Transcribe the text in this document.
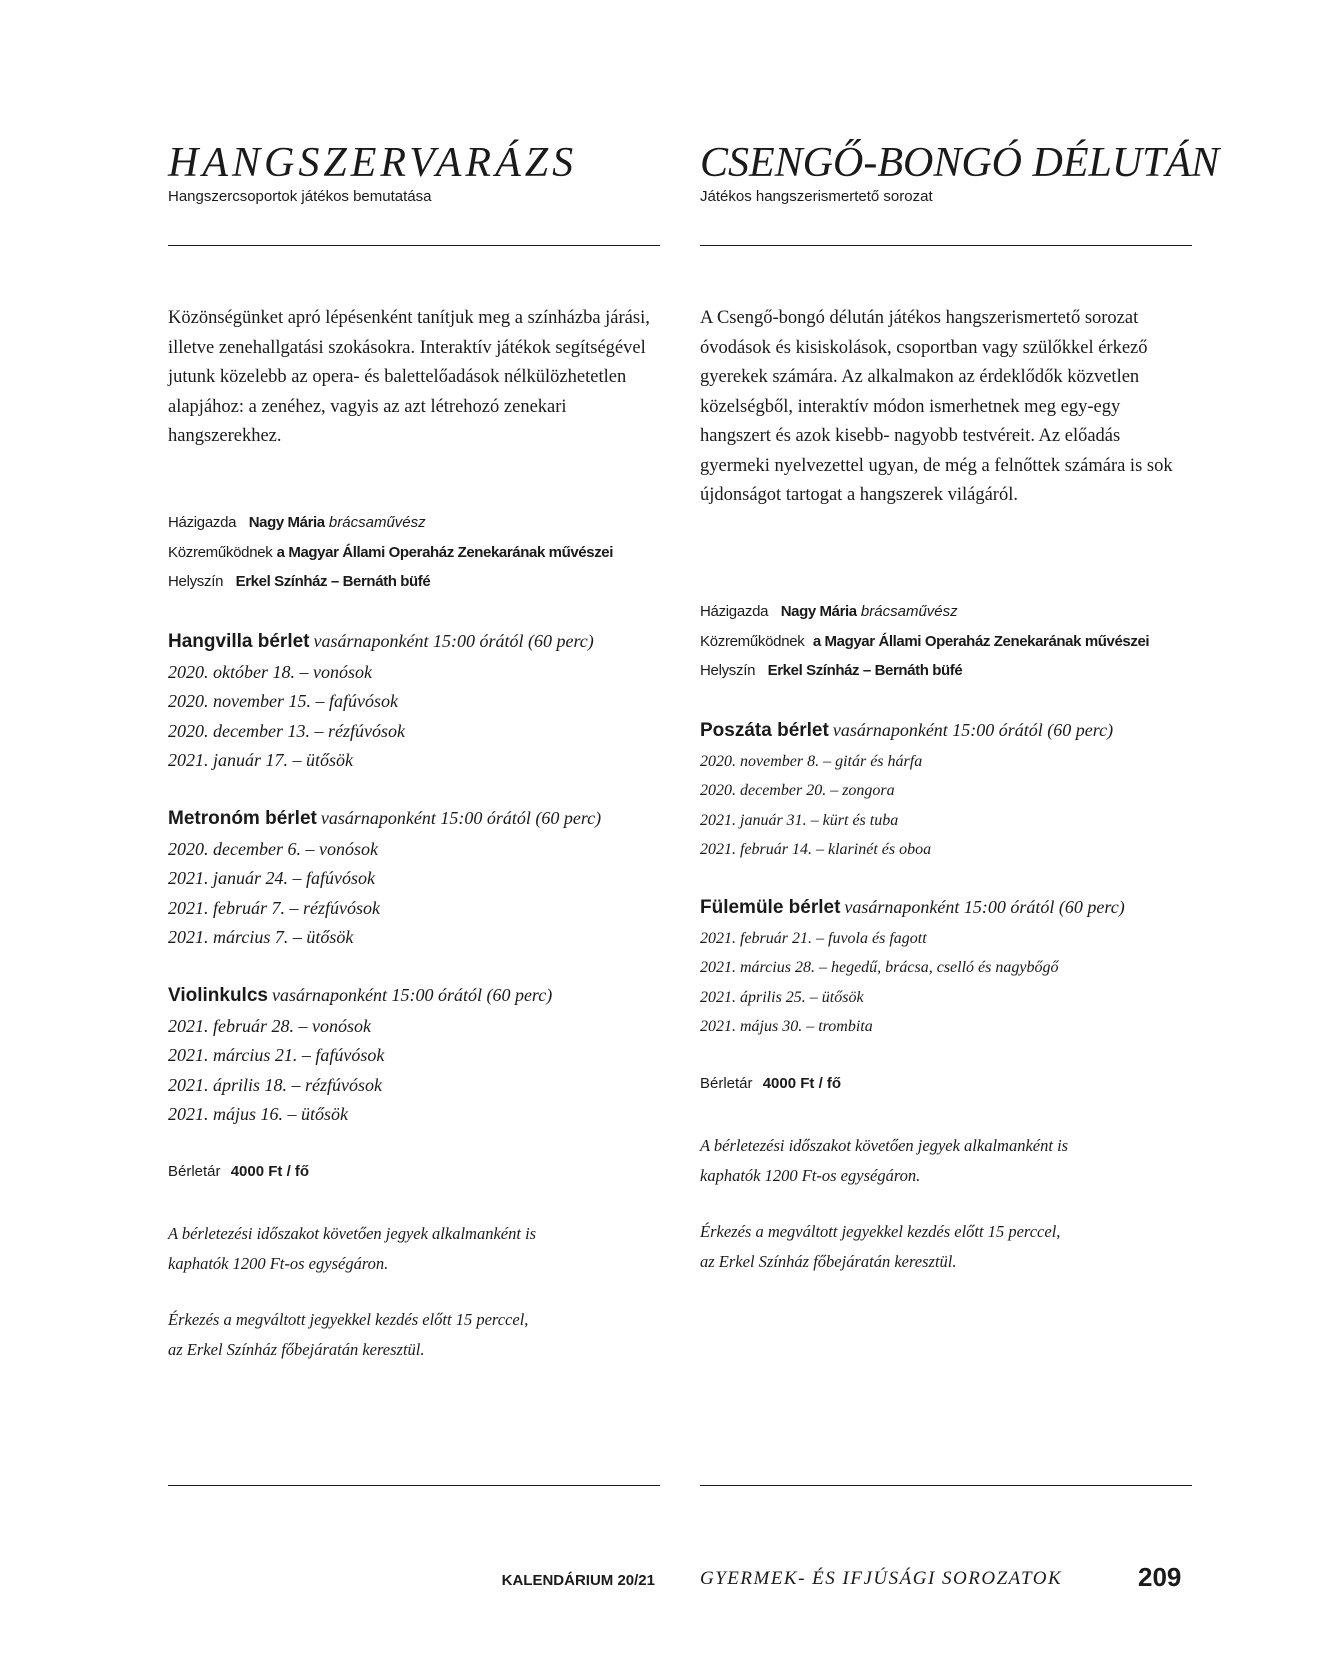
HANGSZERVARÁZS
Hangszercsoportok játékos bemutatása

Közönségünket apró lépésenként tanítjuk meg a színházba járási, illetve zenehallgatási szokásokra. Interaktív játékok segítségével jutunk közelebb az opera- és balettelőadások nélkülözhetetlen alapjához: a zenéhez, vagyis az azt létrehozó zenekari hangszerekhez.

Házigazda Nagy Mária brácsaművész
Közreműködnek a Magyar Állami Operaház Zenekarának művészei
Helyszín Erkel Színház – Bernáth büfé
Hangvilla bérlet vasárnaponként 15:00 órától (60 perc)
2020. október 18. – vonósok
2020. november 15. – fafúvósok
2020. december 13. – rézfúvósok
2021. január 17. – ütősök
Metronóm bérlet vasárnaponként 15:00 órától (60 perc)
2020. december 6. – vonósok
2021. január 24. – fafúvósok
2021. február 7. – rézfúvósok
2021. március 7. – ütősök
Violinkulcs vasárnaponként 15:00 órától (60 perc)
2021. február 28. – vonósok
2021. március 21. – fafúvósok
2021. április 18. – rézfúvósok
2021. május 16. – ütősök
Bérletár 4000 Ft / fő
A bérletezési időszakot követően jegyek alkalmanként is
kaphatók 1200 Ft-os egységáron.
Érkezés a megváltott jegyekkel kezdés előtt 15 perccel,
az Erkel Színház főbejáratán keresztül.
CSENGŐ-BONGÓ DÉLUTÁN
Játékos hangszerismertető sorozat

A Csengő-bongó délután játékos hangszerismertető sorozat óvodások és kisiskolások, csoportban vagy szülőkkel érkező gyerekek számára. Az alkalmakon az érdeklődők közvetlen közelségből, interaktív módon ismerhetnek meg egy-egy hangszert és azok kisebb- nagyobb testvéreit. Az előadás gyermeki nyelvezettel ugyan, de még a felnőttek számára is sok újdonságot tartogat a hangszerek világáról.

Házigazda Nagy Mária brácsaművész
Közreműködnek a Magyar Állami Operaház Zenekarának művészei
Helyszín Erkel Színház – Bernáth büfé
Poszáta bérlet vasárnaponként 15:00 órától (60 perc)
2020. november 8. – gitár és hárfa
2020. december 20. – zongora
2021. január 31. – kürt és tuba
2021. február 14. – klarinét és oboa
Fülemüle bérlet vasárnaponként 15:00 órától (60 perc)
2021. február 21. – fuvola és fagott
2021. március 28. – hegedű, brácsa, cselló és nagybőgő
2021. április 25. – ütősök
2021. május 30. – trombita
Bérletár 4000 Ft / fő
A bérletezési időszakot követően jegyek alkalmanként is
kaphatók 1200 Ft-os egységáron.
Érkezés a megváltott jegyekkel kezdés előtt 15 perccel,
az Erkel Színház főbejáratán keresztül.
KALENDÁRIUM 20/21 GYERMEK- ÉS IFJÚSÁGI SOROZATOK	209
